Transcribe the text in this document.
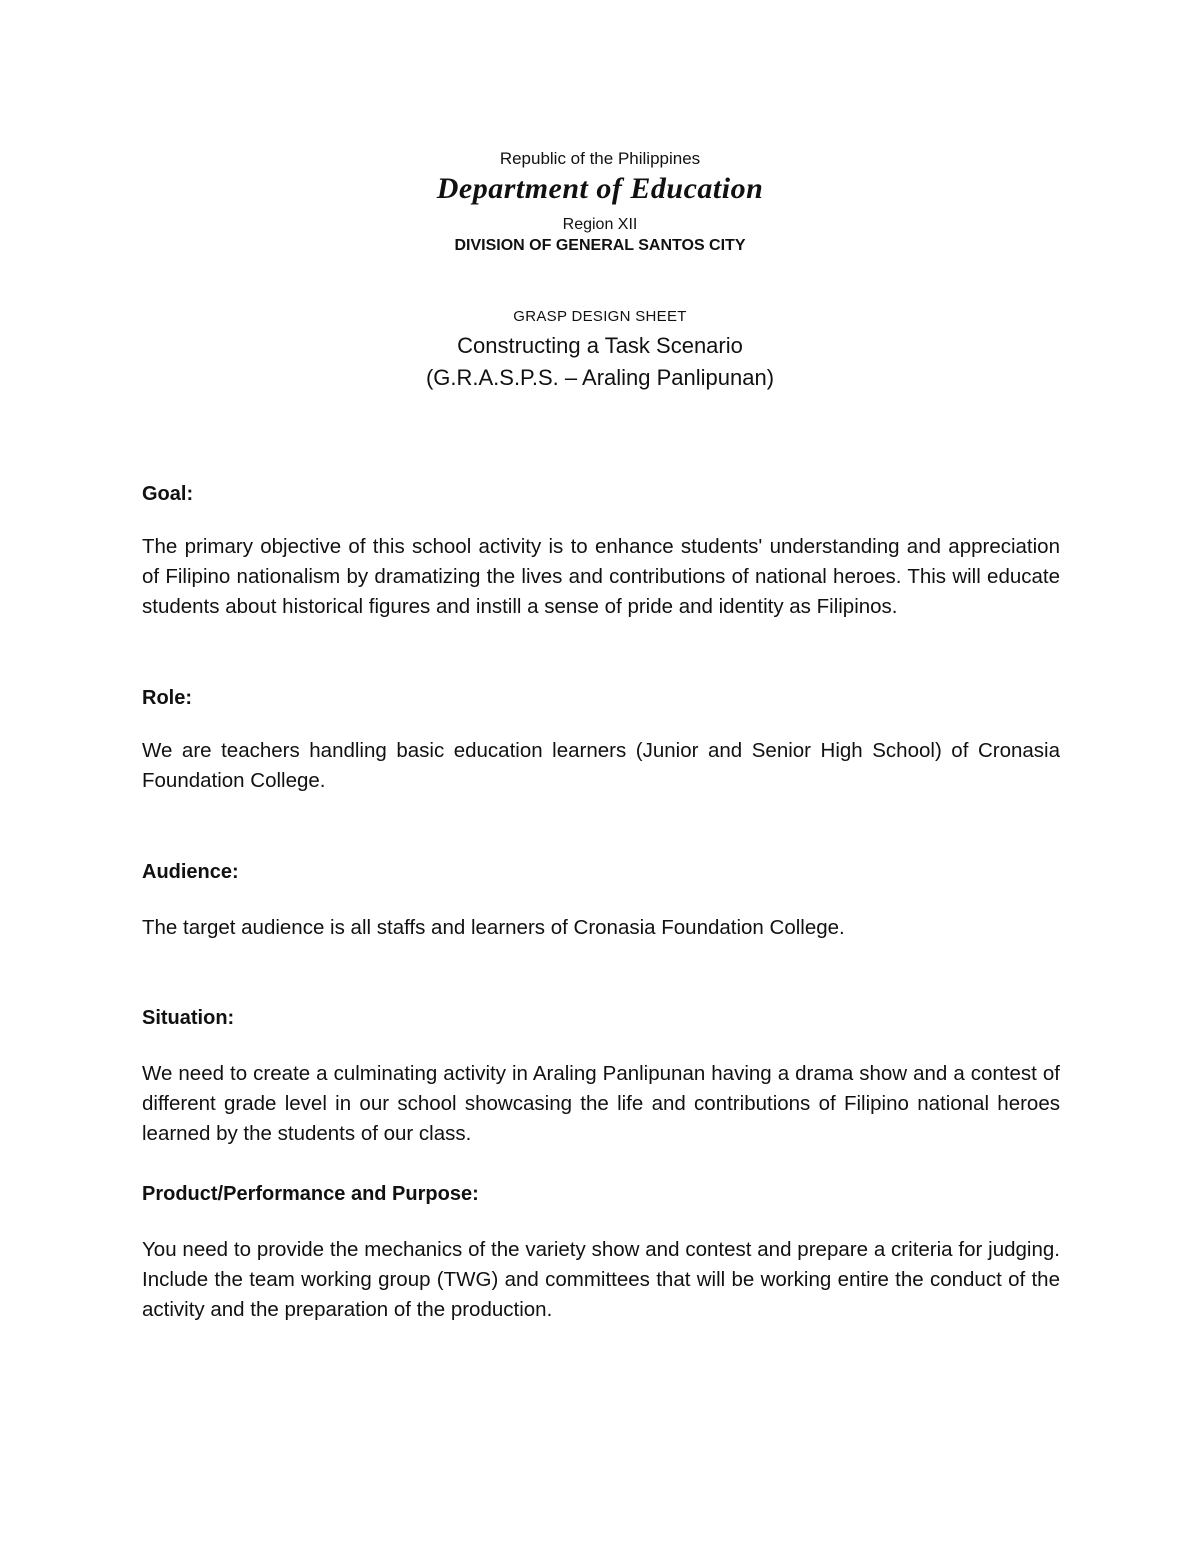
Republic of the Philippines
Department of Education
Region XII
DIVISION OF GENERAL SANTOS CITY
GRASP DESIGN SHEET
Constructing a Task Scenario
(G.R.A.S.P.S. – Araling Panlipunan)
Goal:
The primary objective of this school activity is to enhance students' understanding and appreciation of Filipino nationalism by dramatizing the lives and contributions of national heroes. This will educate students about historical figures and instill a sense of pride and identity as Filipinos.
Role:
We are teachers handling basic education learners (Junior and Senior High School) of Cronasia Foundation College.
Audience:
The target audience is all staffs and learners of Cronasia Foundation College.
Situation:
We need to create a culminating activity in Araling Panlipunan having a drama show and a contest of different grade level in our school showcasing the life and contributions of Filipino national heroes learned by the students of our class.
Product/Performance and Purpose:
You need to provide the mechanics of the variety show and contest and prepare a criteria for judging. Include the team working group (TWG) and committees that will be working entire the conduct of the activity and the preparation of the production.
